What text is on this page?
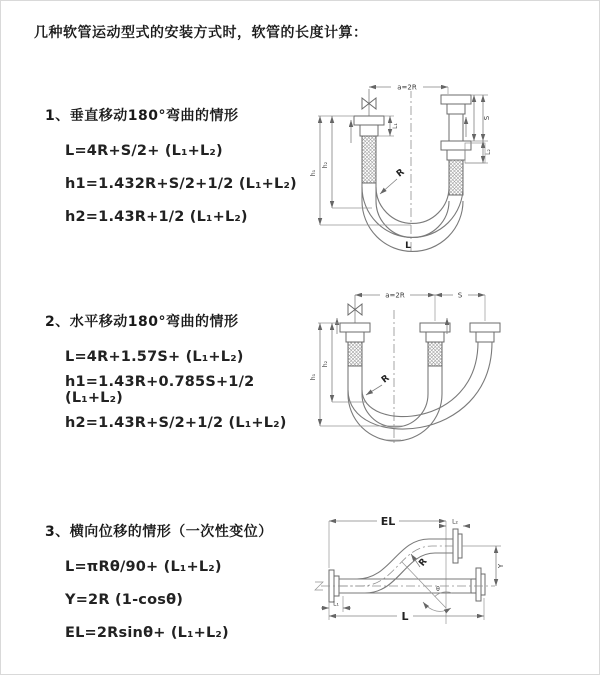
几种软管运动型式的安装方式时，软管的长度计算：
1、垂直移动180°弯曲的情形
L=4R+S/2+ (L₁+L₂)
h1=1.432R+S/2+1/2 (L₁+L₂)
h2=1.43R+1/2 (L₁+L₂)
a=2R
h₁
h₂
L₁
S
L₂
R
L
2、水平移动180°弯曲的情形
L=4R+1.57S+ (L₁+L₂)
h1=1.43R+0.785S+1/2 (L₁+L₂)
h2=1.43R+S/2+1/2 (L₁+L₂)
a=2R	S
h₁
h₂
R
3、横向位移的情形（一次性变位）
L=πRθ/90+ (L₁+L₂)
Y=2R (1-cosθ)
EL=2Rsinθ+ (L₁+L₂)
EL	L₂
Y
θ
R
L₁
L
